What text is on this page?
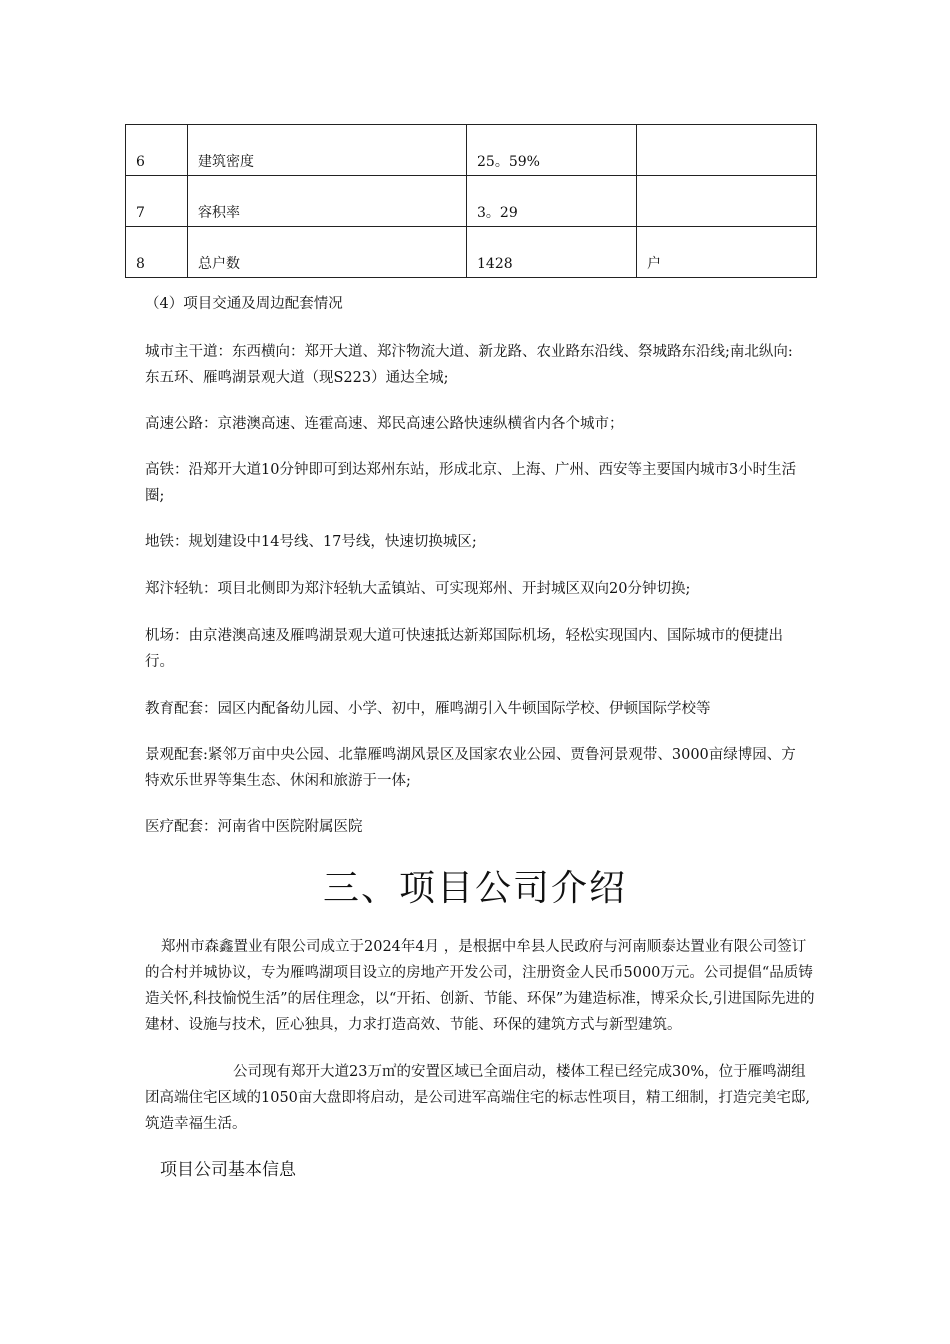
6	建筑密度	25。59%	
7	容积率	3。29	
8	总户数	1428	户
（4）项目交通及周边配套情况

城市主干道：东西横向：郑开大道、郑汴物流大道、新龙路、农业路东沿线、祭城路东沿线;南北纵向:东五环、雁鸣湖景观大道（现S223）通达全城;

高速公路：京港澳高速、连霍高速、郑民高速公路快速纵横省内各个城市；

高铁：沿郑开大道10分钟即可到达郑州东站，形成北京、上海、广州、西安等主要国内城市3小时生活圈;

地铁：规划建设中14号线、17号线，快速切换城区;

郑汴轻轨：项目北侧即为郑汴轻轨大孟镇站、可实现郑州、开封城区双向20分钟切换;

机场：由京港澳高速及雁鸣湖景观大道可快速抵达新郑国际机场，轻松实现国内、国际城市的便捷出行。

教育配套：园区内配备幼儿园、小学、初中，雁鸣湖引入牛顿国际学校、伊顿国际学校等

景观配套:紧邻万亩中央公园、北靠雁鸣湖风景区及国家农业公园、贾鲁河景观带、3000亩绿博园、方特欢乐世界等集生态、休闲和旅游于一体;

医疗配套：河南省中医院附属医院

三、项目公司介绍

郑州市森鑫置业有限公司成立于2024年4月 ，是根据中牟县人民政府与河南顺泰达置业有限公司签订的合村并城协议，专为雁鸣湖项目设立的房地产开发公司，注册资金人民币5000万元。公司提倡“品质铸造关怀,科技愉悦生活”的居住理念，以“开拓、创新、节能、环保”为建造标准，博采众长,引进国际先进的建材、设施与技术，匠心独具，力求打造高效、节能、环保的建筑方式与新型建筑。

公司现有郑开大道23万㎡的安置区域已全面启动，楼体工程已经完成30%，位于雁鸣湖组团高端住宅区域的1050亩大盘即将启动，是公司进军高端住宅的标志性项目，精工细制，打造完美宅邸,筑造幸福生活。

项目公司基本信息
